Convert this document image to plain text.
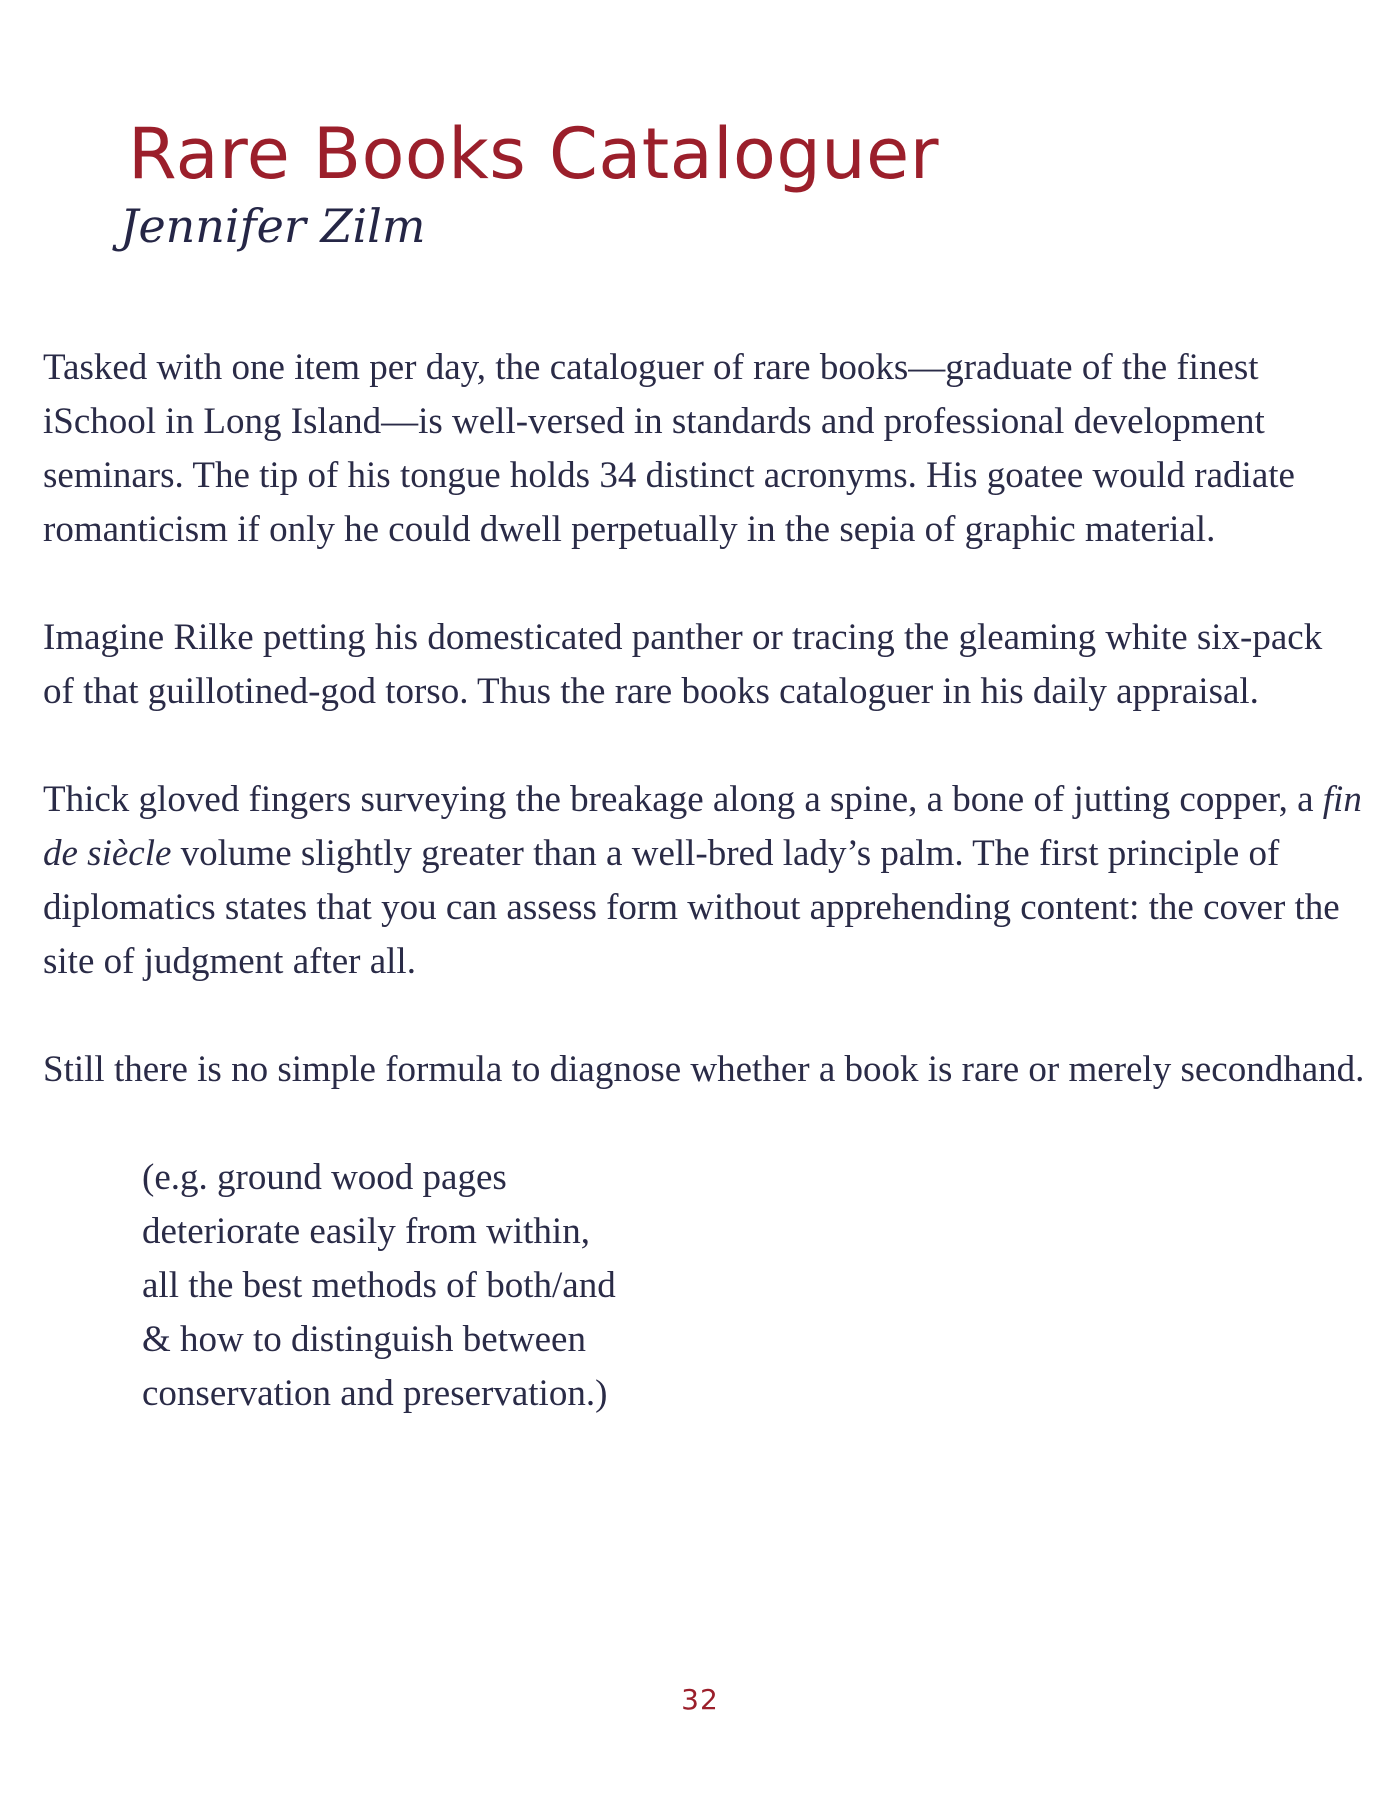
Rare Books Cataloguer
Jennifer Zilm

Tasked with one item per day, the cataloguer of rare books—graduate of the finest
iSchool in Long Island—is well-versed in standards and professional development
seminars. The tip of his tongue holds 34 distinct acronyms. His goatee would radiate
romanticism if only he could dwell perpetually in the sepia of graphic material.

Imagine Rilke petting his domesticated panther or tracing the gleaming white six-pack
of that guillotined-god torso. Thus the rare books cataloguer in his daily appraisal.

Thick gloved fingers surveying the breakage along a spine, a bone of jutting copper, a fin
de siècle volume slightly greater than a well-bred lady’s palm. The first principle of
diplomatics states that you can assess form without apprehending content: the cover the
site of judgment after all.

Still there is no simple formula to diagnose whether a book is rare or merely secondhand.

(e.g. ground wood pages
deteriorate easily from within,
all the best methods of both/and
& how to distinguish between
conservation and preservation.)

32
